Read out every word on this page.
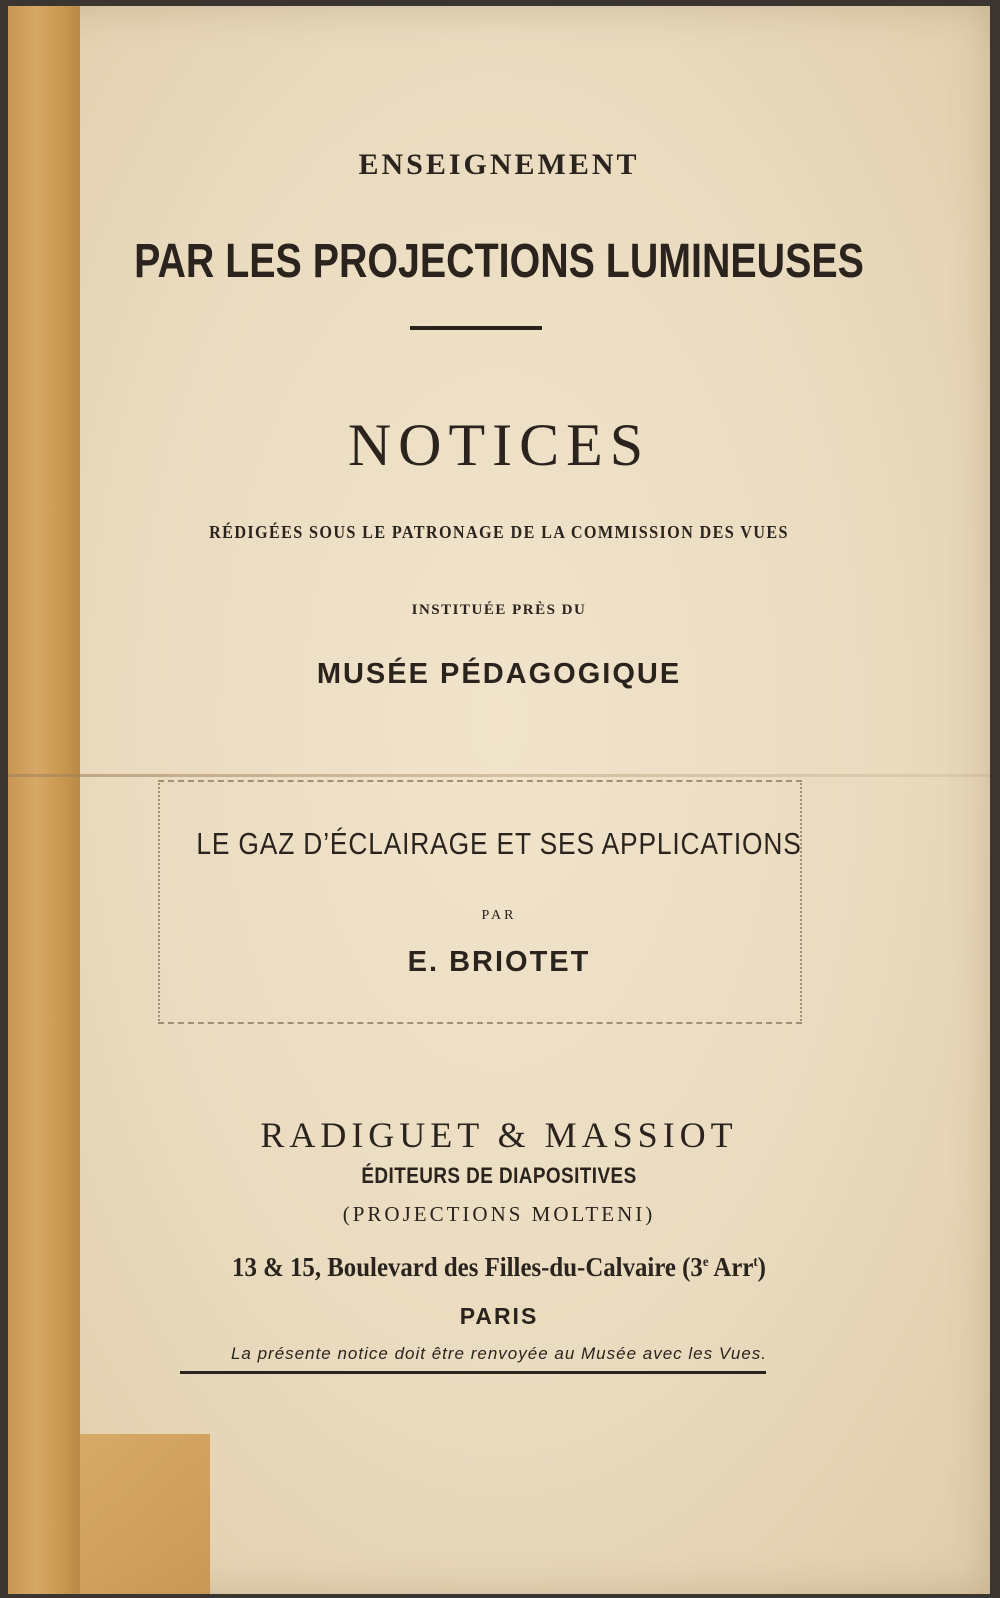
ENSEIGNEMENT
PAR LES PROJECTIONS LUMINEUSES
NOTICES
RÉDIGÉES SOUS LE PATRONAGE DE LA COMMISSION DES VUES
INSTITUÉE PRÈS DU
MUSÉE PÉDAGOGIQUE
LE GAZ D’ÉCLAIRAGE ET SES APPLICATIONS
PAR
E. BRIOTET
RADIGUET & MASSIOT
ÉDITEURS DE DIAPOSITIVES
(PROJECTIONS MOLTENI)
13 & 15, Boulevard des Filles-du-Calvaire (3e Arr$^t$)
PARIS
La présente notice doit être renvoyée au Musée avec les Vues.
